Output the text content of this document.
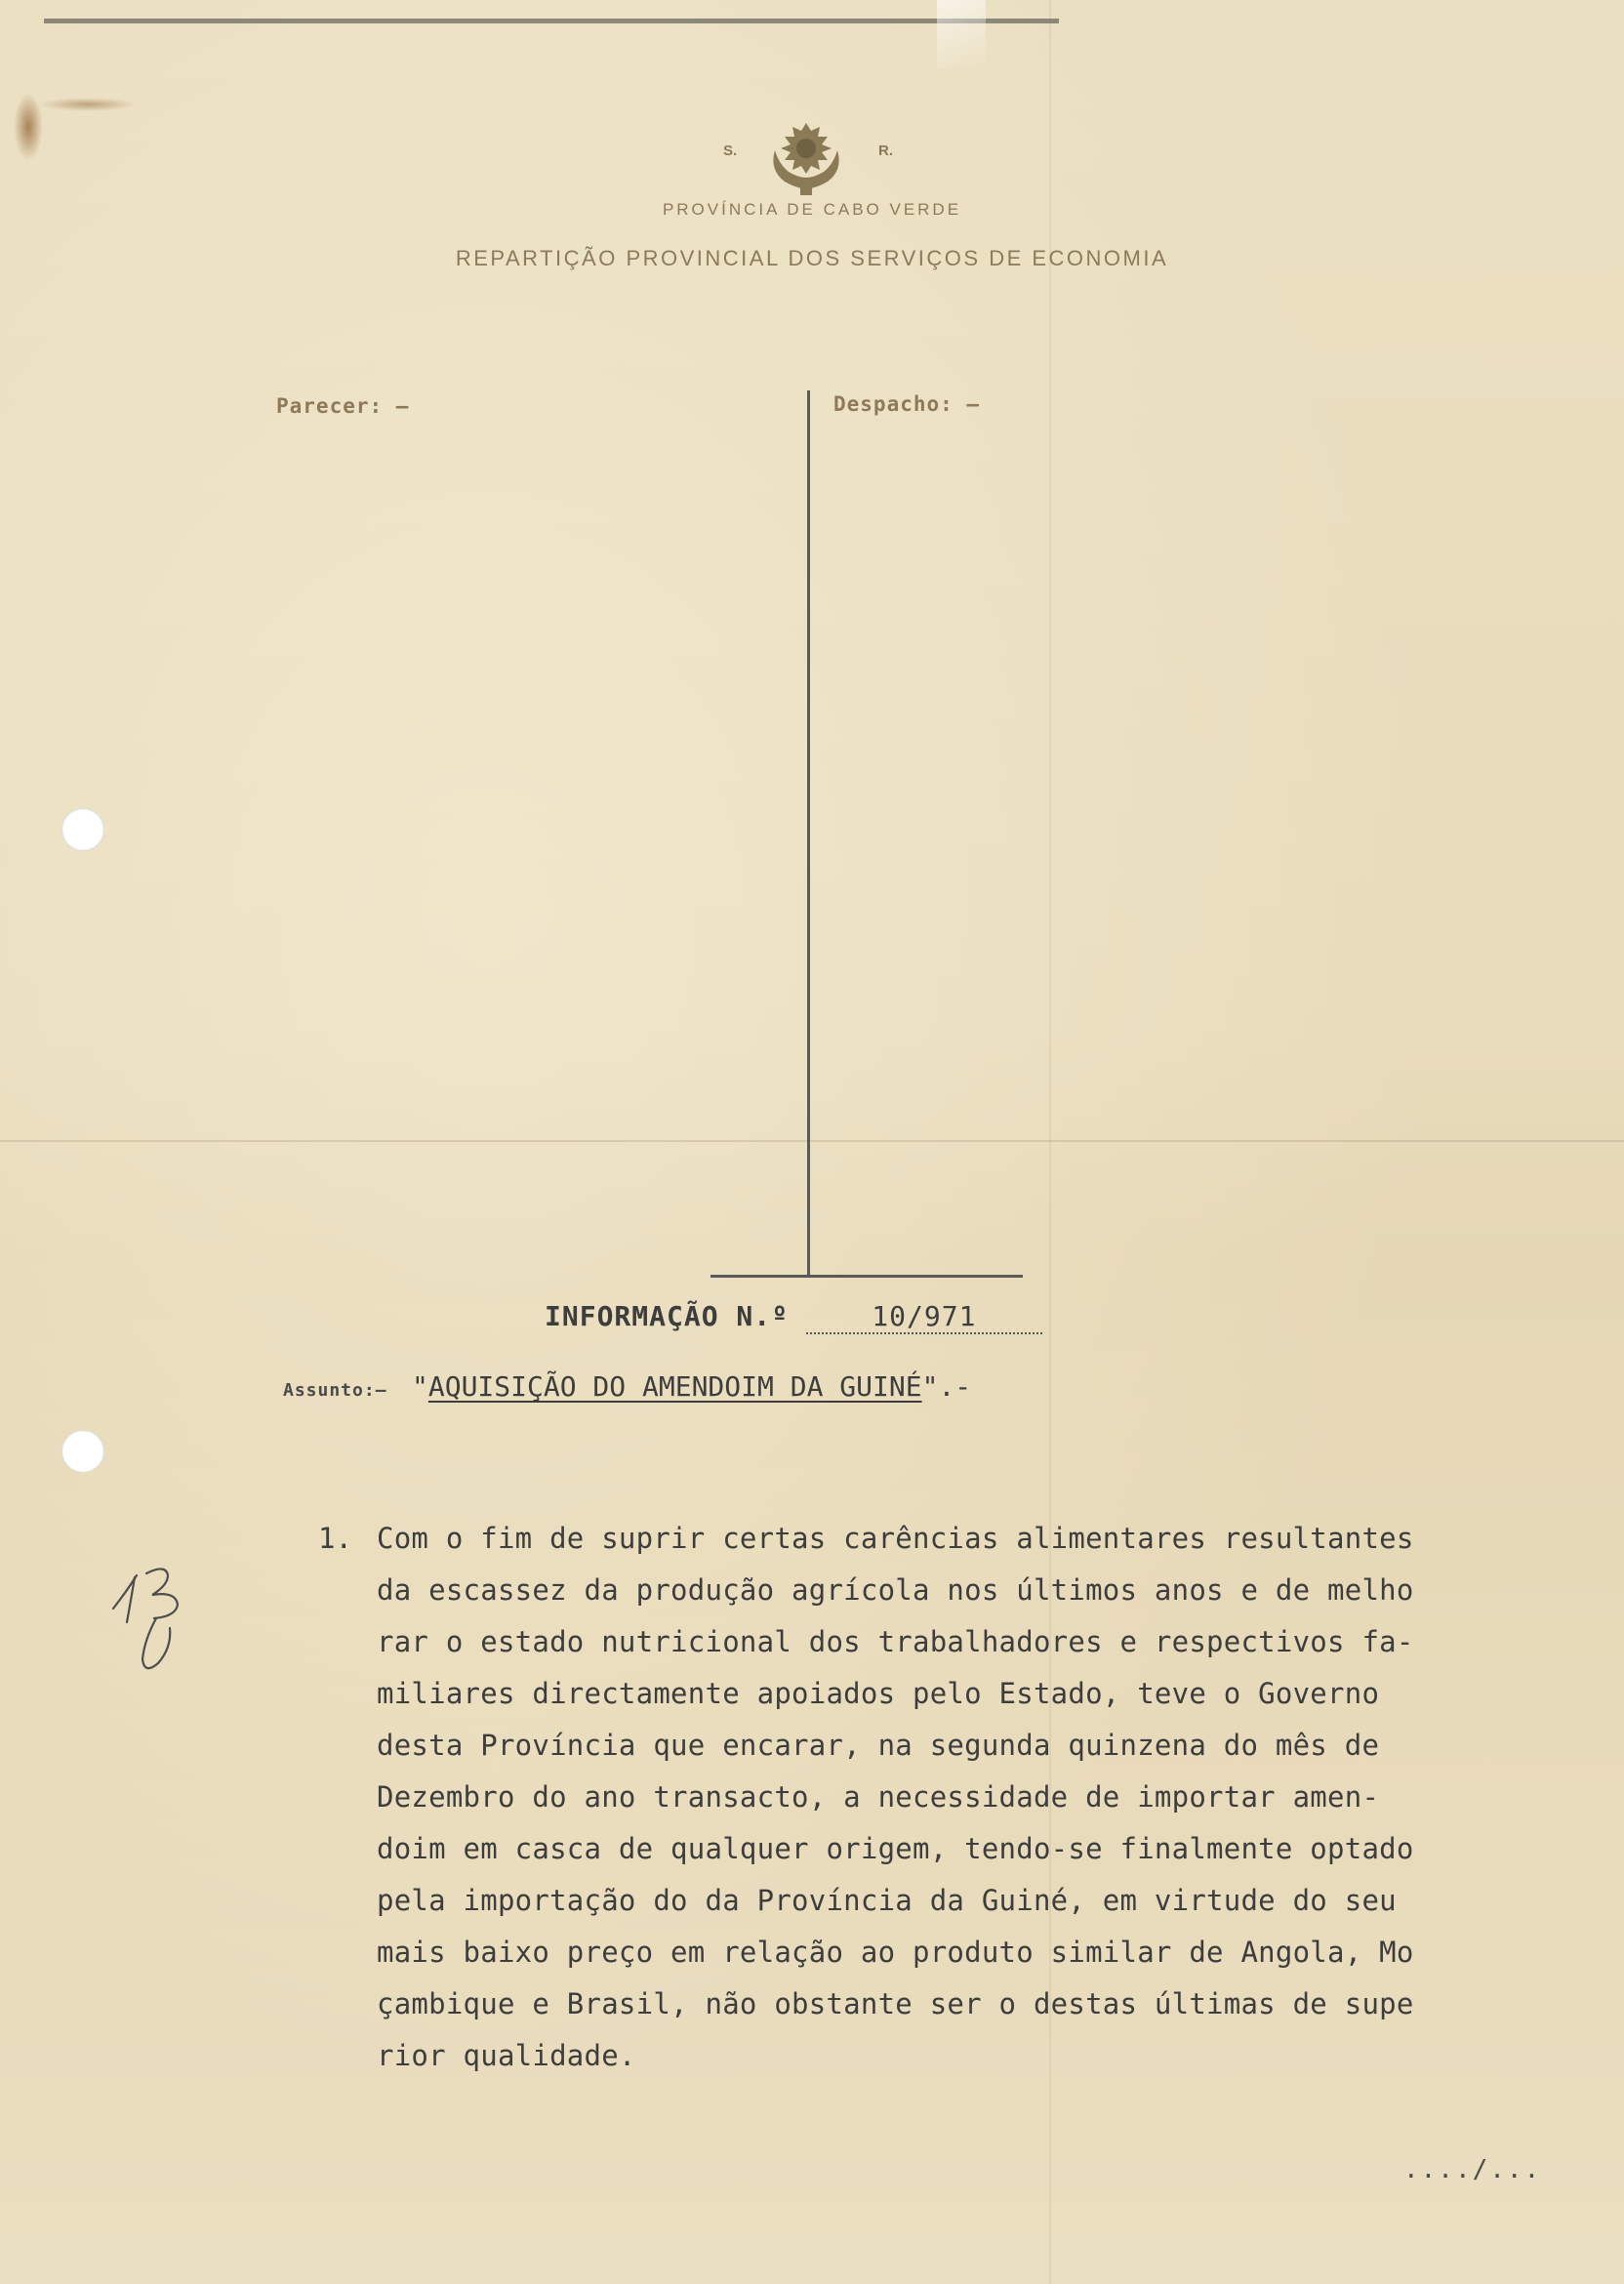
S.	R.
PROVÍNCIA DE CABO VERDE
REPARTIÇÃO PROVINCIAL DOS SERVIÇOS DE ECONOMIA
Parecer: —	Despacho: —
INFORMAÇÃO N.º	10/971
Assunto:— "AQUISIÇÃO DO AMENDOIM DA GUINÉ".-
1. Com o fim de suprir certas carências alimentares resultantes
da escassez da produção agrícola nos últimos anos e de melho
rar o estado nutricional dos trabalhadores e respectivos fa-
miliares directamente apoiados pelo Estado, teve o Governo
desta Província que encarar, na segunda quinzena do mês de
Dezembro do ano transacto, a necessidade de importar amen-
doim em casca de qualquer origem, tendo-se finalmente optado
pela importação do da Província da Guiné, em virtude do seu
mais baixo preço em relação ao produto similar de Angola, Mo
çambique e Brasil, não obstante ser o destas últimas de supe
rior qualidade.
..../...
